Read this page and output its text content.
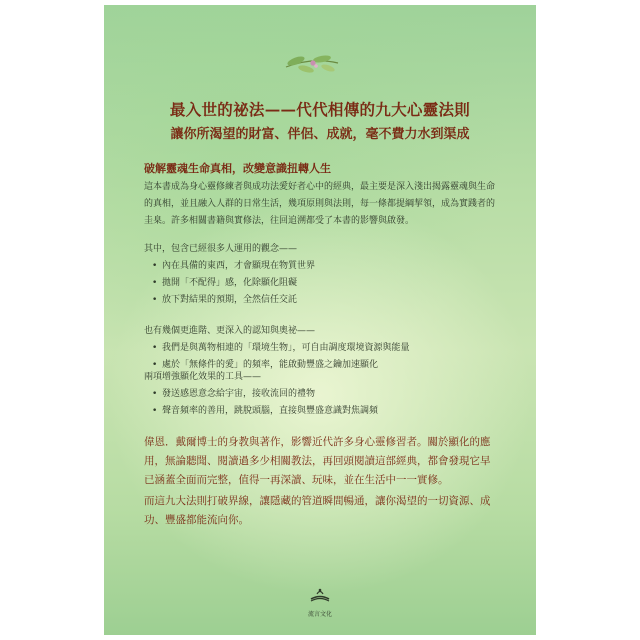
最入世的祕法——代代相傳的九大心靈法則
讓你所渴望的財富、伴侶、成就，毫不費力水到渠成
破解靈魂生命真相，改變意識扭轉人生
這本書成為身心靈修練者與成功法愛好者心中的經典，最主要是深入淺出揭露靈魂與生命的真相，並且融入人群的日常生活，幾項原則與法則，每一條都提綱挈領，成為實踐者的圭臬。許多相關書籍與實修法，往回追溯都受了本書的影響與啟發。
其中，包含已經很多人運用的觀念——
• 內在具備的東西，才會顯現在物質世界
• 拋開「不配得」感，化除顯化阻礙
• 放下對結果的預期，全然信任交託
也有幾個更進階、更深入的認知與奧祕——
• 我們是與萬物相連的「環境生物」，可自由調度環境資源與能量
• 處於「無條件的愛」的頻率，能啟動豐盛之鑰加速顯化
兩項增強顯化效果的工具——
• 發送感恩意念給宇宙，接收流回的禮物
• 聲音頻率的善用，跳脫頭腦，直接與豐盛意識對焦調頻
偉恩．戴爾博士的身教與著作，影響近代許多身心靈修習者。關於顯化的應用，無論聽聞、閱讀過多少相關教法，再回頭閱讀這部經典，都會發現它早已涵蓋全面而完整，值得一再深讀、玩味，並在生活中一一實修。
而這九大法則打破界線，讓隱藏的管道瞬間暢通，讓你渴望的一切資源、成功、豐盛都能流向你。
流言文化
